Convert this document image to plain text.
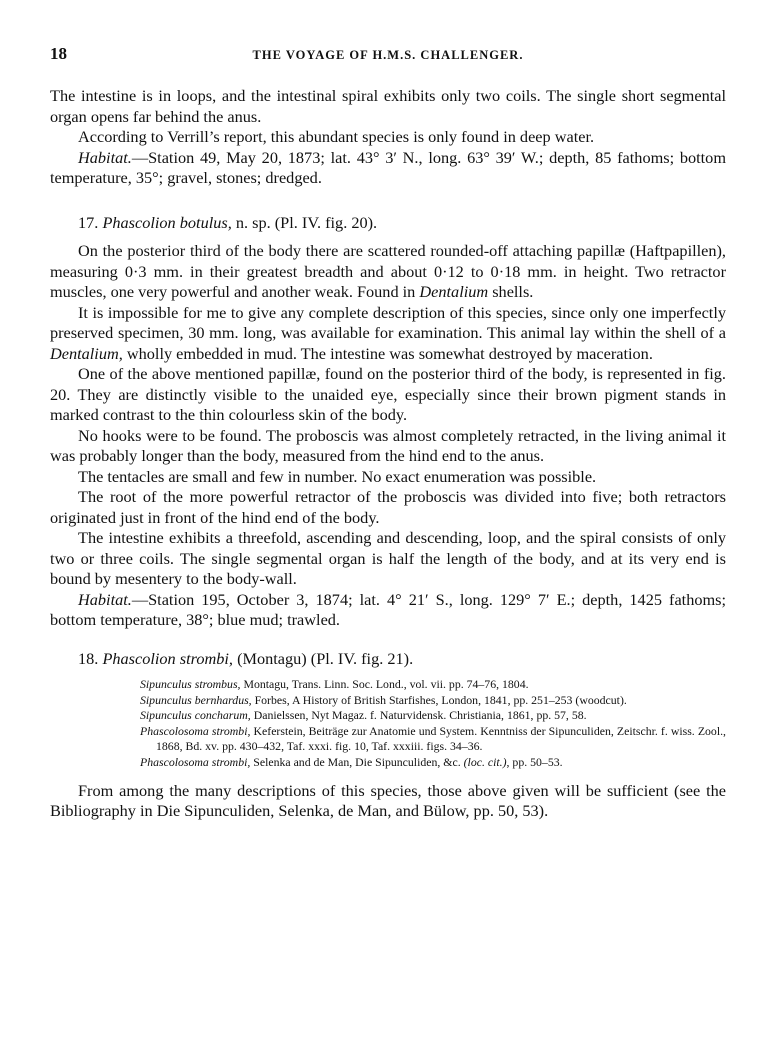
18	THE VOYAGE OF H.M.S. CHALLENGER.

The intestine is in loops, and the intestinal spiral exhibits only two coils. The single short segmental organ opens far behind the anus.

According to Verrill’s report, this abundant species is only found in deep water.

Habitat.—Station 49, May 20, 1873; lat. 43° 3′ N., long. 63° 39′ W.; depth, 85 fathoms; bottom temperature, 35°; gravel, stones; dredged.

17. Phascolion botulus, n. sp. (Pl. IV. fig. 20).

On the posterior third of the body there are scattered rounded-off attaching papillæ (Haftpapillen), measuring 0·3 mm. in their greatest breadth and about 0·12 to 0·18 mm. in height. Two retractor muscles, one very powerful and another weak. Found in Dentalium shells.

It is impossible for me to give any complete description of this species, since only one imperfectly preserved specimen, 30 mm. long, was available for examination. This animal lay within the shell of a Dentalium, wholly embedded in mud. The intestine was somewhat destroyed by maceration.

One of the above mentioned papillæ, found on the posterior third of the body, is represented in fig. 20. They are distinctly visible to the unaided eye, especially since their brown pigment stands in marked contrast to the thin colourless skin of the body.

No hooks were to be found. The proboscis was almost completely retracted, in the living animal it was probably longer than the body, measured from the hind end to the anus.

The tentacles are small and few in number. No exact enumeration was possible.

The root of the more powerful retractor of the proboscis was divided into five; both retractors originated just in front of the hind end of the body.

The intestine exhibits a threefold, ascending and descending, loop, and the spiral consists of only two or three coils. The single segmental organ is half the length of the body, and at its very end is bound by mesentery to the body-wall.

Habitat.—Station 195, October 3, 1874; lat. 4° 21′ S., long. 129° 7′ E.; depth, 1425 fathoms; bottom temperature, 38°; blue mud; trawled.

18. Phascolion strombi, (Montagu) (Pl. IV. fig. 21).

Sipunculus strombus, Montagu, Trans. Linn. Soc. Lond., vol. vii. pp. 74–76, 1804.

Sipunculus bernhardus, Forbes, A History of British Starfishes, London, 1841, pp. 251–253 (woodcut).

Sipunculus concharum, Danielssen, Nyt Magaz. f. Naturvidensk. Christiania, 1861, pp. 57, 58.

Phascolosoma strombi, Keferstein, Beiträge zur Anatomie und System. Kenntniss der Sipunculiden, Zeitschr. f. wiss. Zool., 1868, Bd. xv. pp. 430–432, Taf. xxxi. fig. 10, Taf. xxxiii. figs. 34–36.

Phascolosoma strombi, Selenka and de Man, Die Sipunculiden, &c. (loc. cit.), pp. 50–53.

From among the many descriptions of this species, those above given will be sufficient (see the Bibliography in Die Sipunculiden, Selenka, de Man, and Bülow, pp. 50, 53).
